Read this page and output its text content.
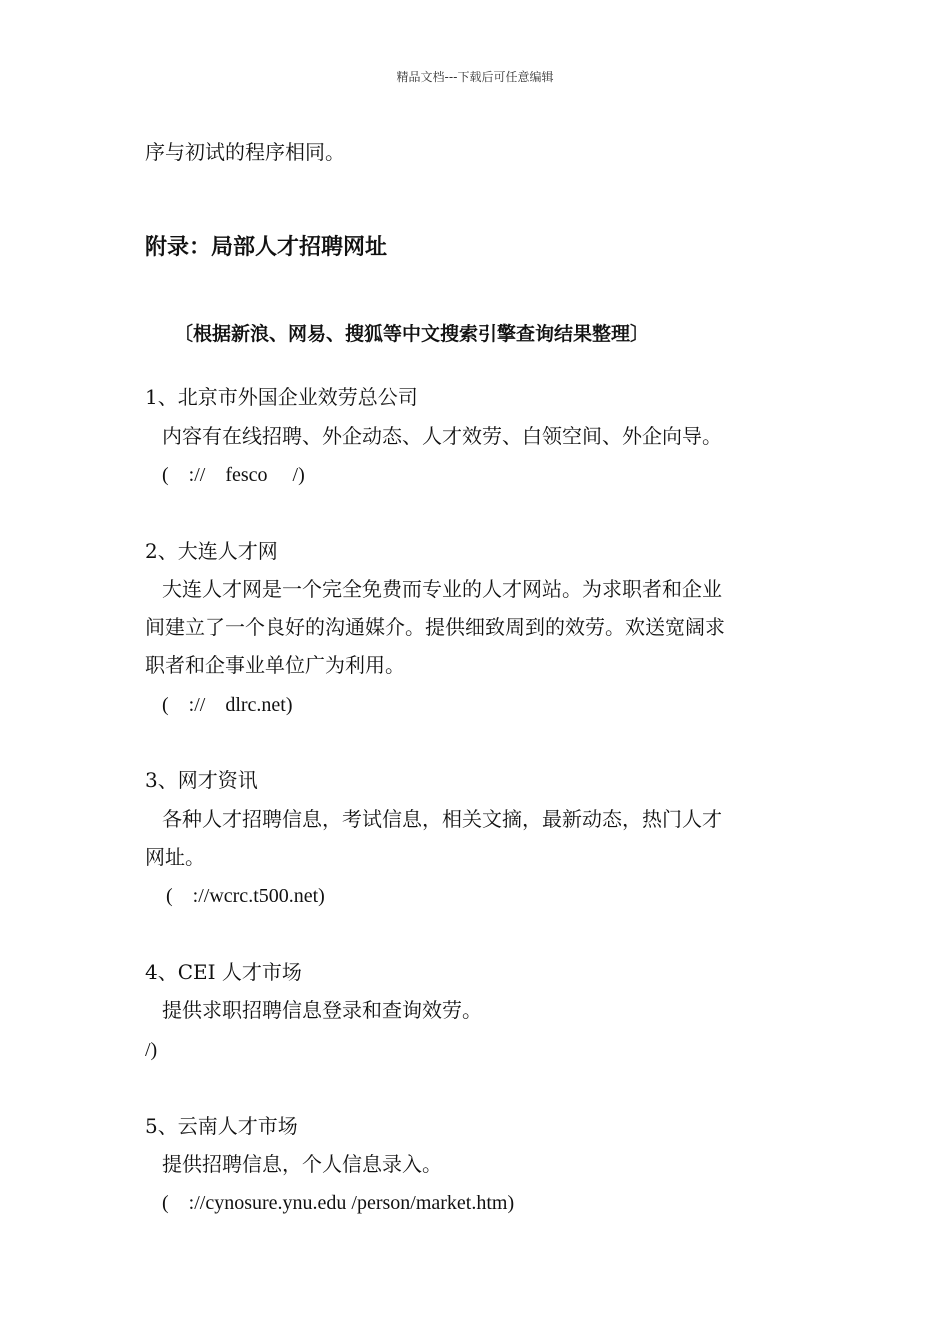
精品文档---下载后可任意编辑
序与初试的程序相同。
附录：局部人才招聘网址
〔根据新浪、网易、搜狐等中文搜索引擎查询结果整理〕
1、北京市外国企业效劳总公司
内容有在线招聘、外企动态、人才效劳、白领空间、外企向导。
(    ://    fesco     /)
2、大连人才网
大连人才网是一个完全免费而专业的人才网站。为求职者和企业
间建立了一个良好的沟通媒介。提供细致周到的效劳。欢送宽阔求
职者和企事业单位广为利用。
(    ://    dlrc.net)
3、网才资讯
各种人才招聘信息，考试信息，相关文摘，最新动态，热门人才
网址。
(    ://wcrc.t500.net)
4、CEI 人才市场
提供求职招聘信息登录和查询效劳。
/)
5、云南人才市场
提供招聘信息，个人信息录入。
(    ://cynosure.ynu.edu /person/market.htm)
